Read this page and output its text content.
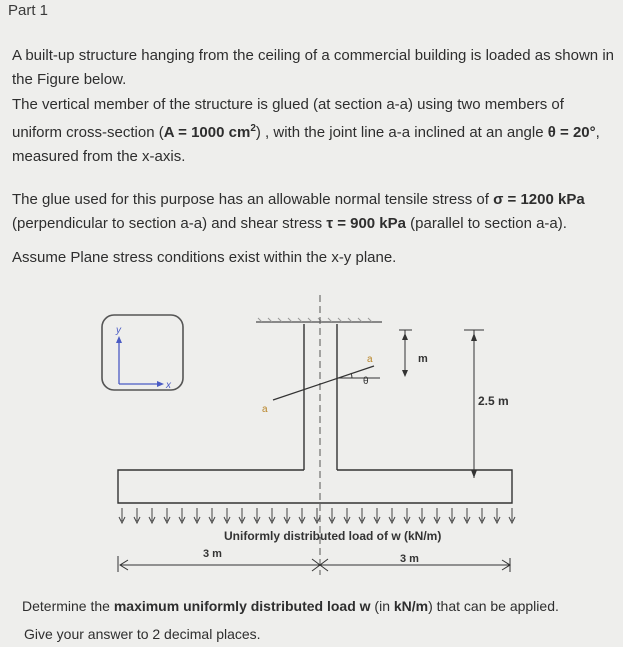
Part 1

A built-up structure hanging from the ceiling of a commercial building is loaded as shown in the Figure below.

The vertical member of the structure is glued (at section a-a) using two members of uniform cross-section (A = 1000 $cm^2$) , with the joint line a-a inclined at an angle θ = 20°, measured from the x-axis.

The glue used for this purpose has an allowable normal tensile stress of σ = 1200 kPa (perpendicular to section a-a) and shear stress τ = 900 kPa (parallel to section a-a).

Assume Plane stress conditions exist within the x-y plane.

y
x
a
a
θ
m
2.5 m
Uniformly distributed load of w (kN/m)
3 m	3 m

Determine the maximum uniformly distributed load w (in kN/m) that can be applied.

Give your answer to 2 decimal places.
